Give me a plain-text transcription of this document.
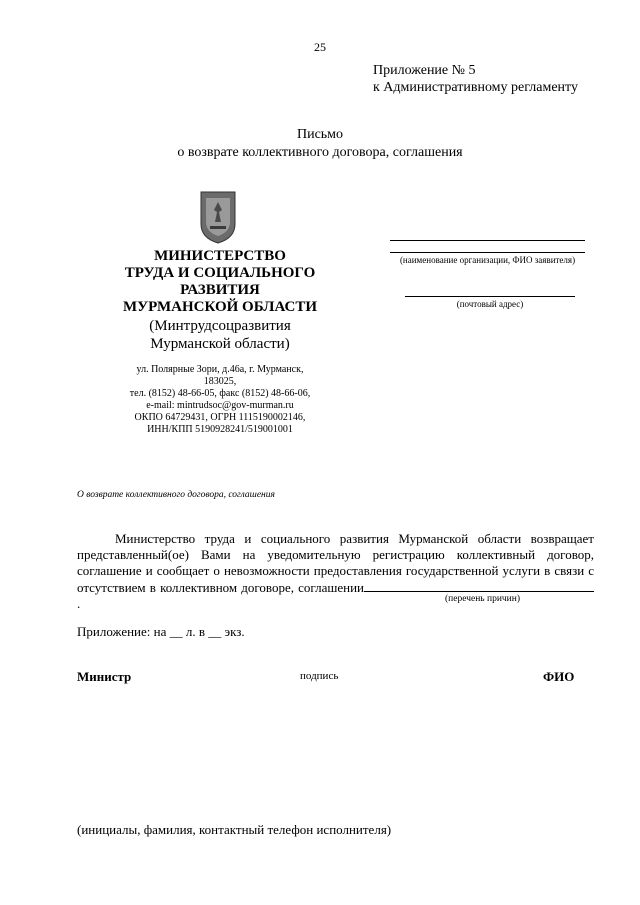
25
Приложение № 5
к Административному регламенту
Письмо
о возврате коллективного договора, соглашения
МИНИСТЕРСТВО
ТРУДА И СОЦИАЛЬНОГО
РАЗВИТИЯ
МУРМАНСКОЙ ОБЛАСТИ
(Минтрудсоцразвития
Мурманской области)
ул. Полярные Зори, д.46а, г. Мурманск,
183025,
тел. (8152) 48-66-05, факс (8152) 48-66-06,
e-mail: mintrudsoc@gov-murman.ru
ОКПО 64729431, ОГРН 1115190002146,
ИНН/КПП 5190928241/519001001
(наименование организации, ФИО заявителя)
(почтовый адрес)
О возврате коллективного договора, соглашения
Министерство труда и социального развития Мурманской области возвращает представленный(ое) Вами на уведомительную регистрацию коллективный договор, соглашение и сообщает о невозможности предоставления государственной услуги в связи с отсутствием в коллективном договоре, соглашении .	(перечень причин)
Приложение: на __ л. в __ экз.
Министр	подпись	ФИО
(инициалы, фамилия, контактный телефон исполнителя)
